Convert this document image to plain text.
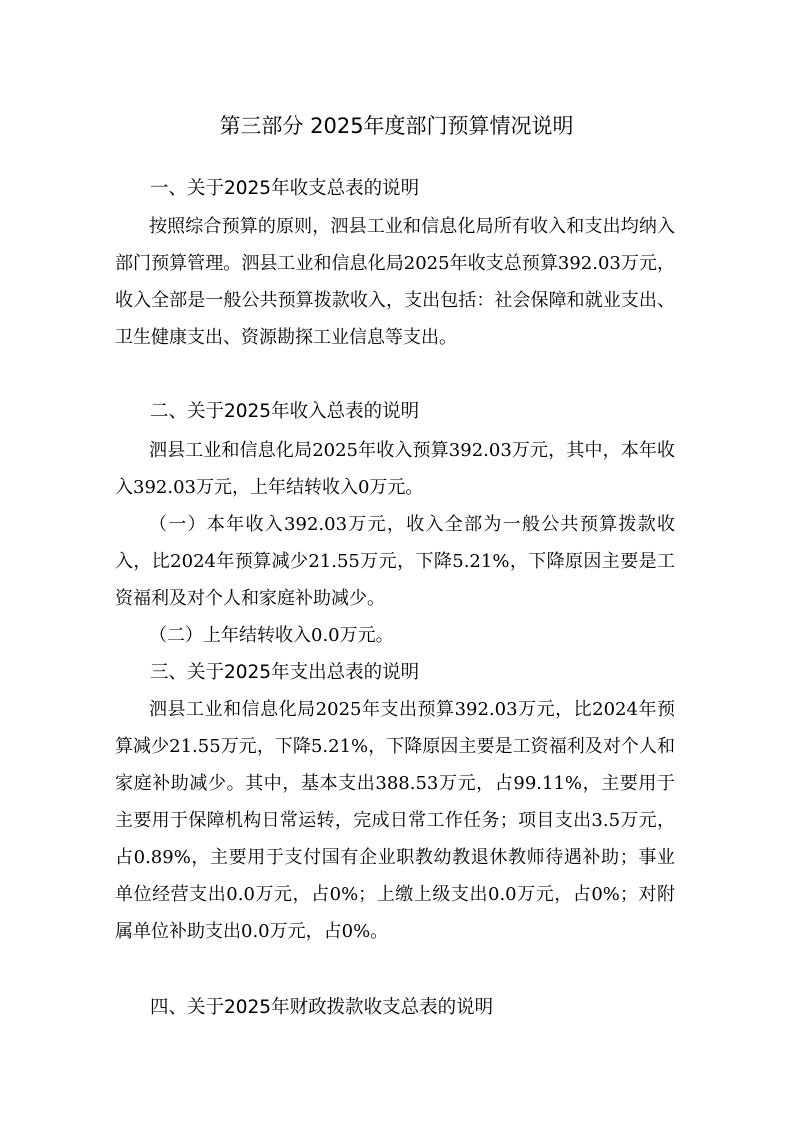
第三部分 2025年度部门预算情况说明
一、关于2025年收支总表的说明
按照综合预算的原则，泗县工业和信息化局所有收入和支出均纳入部门预算管理。泗县工业和信息化局2025年收支总预算392.03万元，收入全部是一般公共预算拨款收入，支出包括：社会保障和就业支出、卫生健康支出、资源勘探工业信息等支出。
二、关于2025年收入总表的说明
泗县工业和信息化局2025年收入预算392.03万元，其中，本年收入392.03万元，上年结转收入0万元。
（一）本年收入392.03万元，收入全部为一般公共预算拨款收入，比2024年预算减少21.55万元，下降5.21%，下降原因主要是工资福利及对个人和家庭补助减少。
（二）上年结转收入0.0万元。
三、关于2025年支出总表的说明
泗县工业和信息化局2025年支出预算392.03万元，比2024年预算减少21.55万元，下降5.21%，下降原因主要是工资福利及对个人和家庭补助减少。其中，基本支出388.53万元，占99.11%，主要用于主要用于保障机构日常运转，完成日常工作任务；项目支出3.5万元，占0.89%，主要用于支付国有企业职教幼教退休教师待遇补助；事业单位经营支出0.0万元，占0%；上缴上级支出0.0万元，占0%；对附属单位补助支出0.0万元，占0%。
四、关于2025年财政拨款收支总表的说明
